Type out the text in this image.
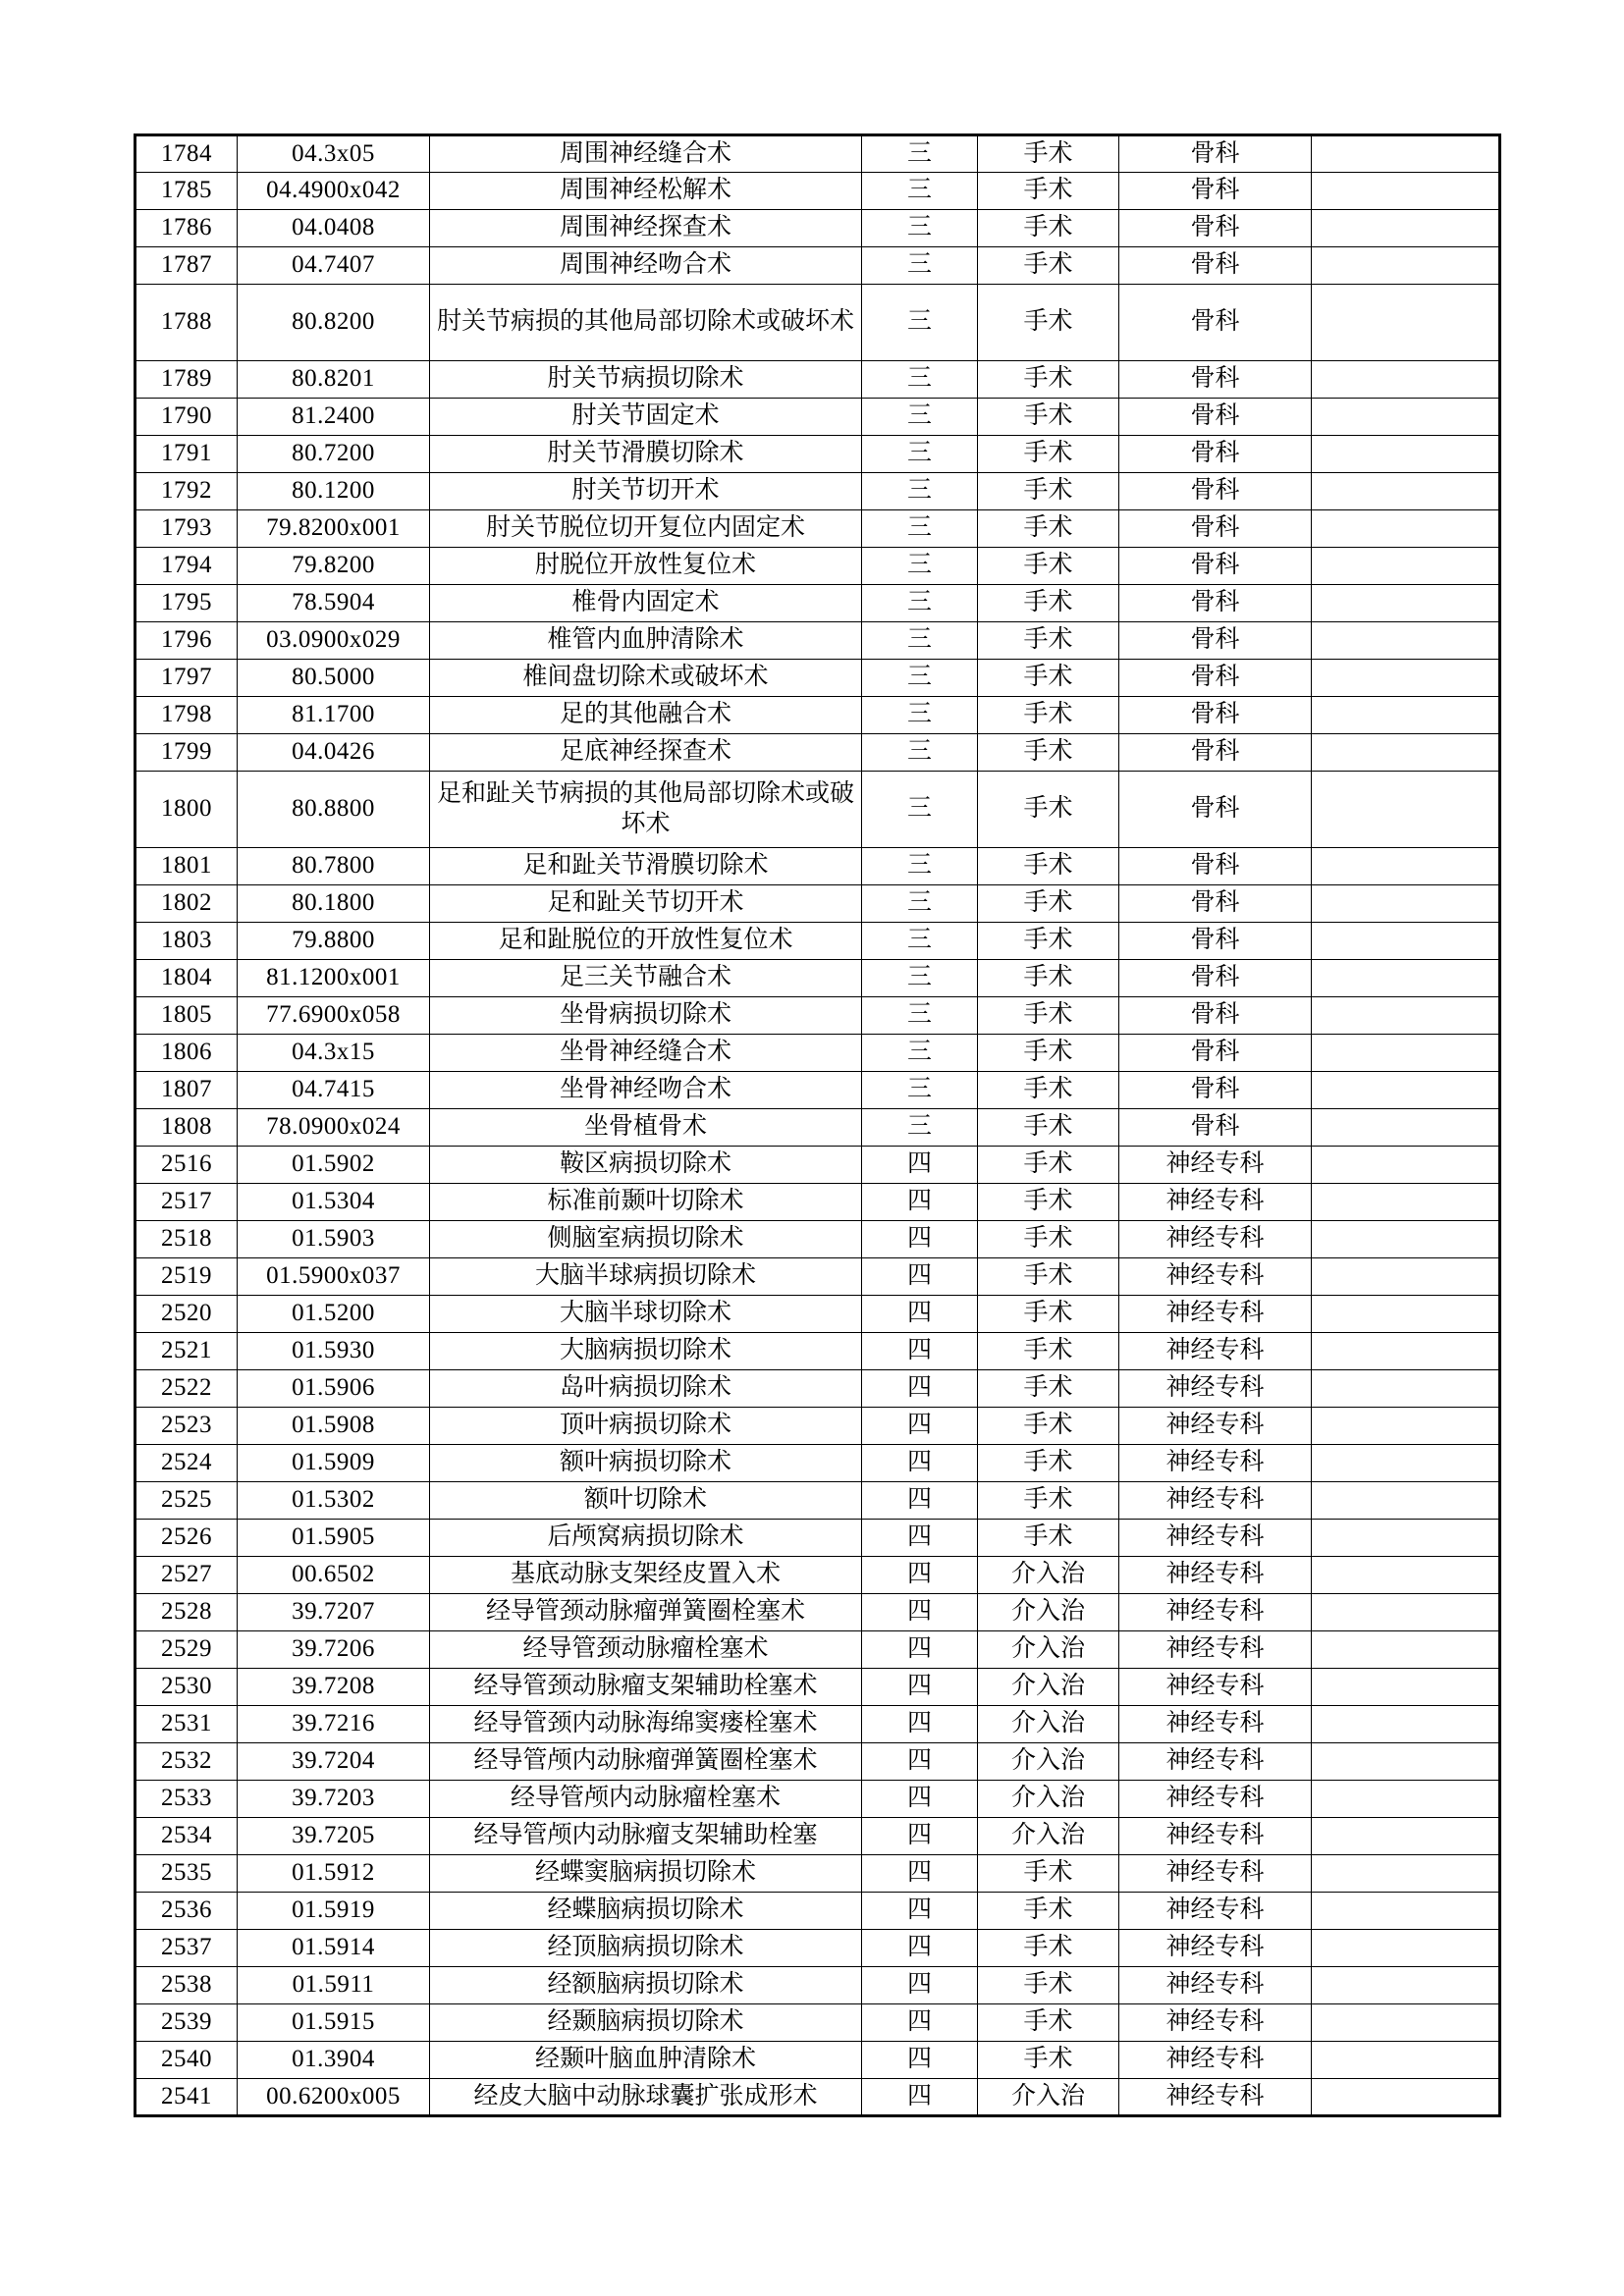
1784	04.3x05	周围神经缝合术	三	手术	骨科	
1785	04.4900x042	周围神经松解术	三	手术	骨科	
1786	04.0408	周围神经探查术	三	手术	骨科	
1787	04.7407	周围神经吻合术	三	手术	骨科	
1788	80.8200	肘关节病损的其他局部切除术或破坏术	三	手术	骨科	
1789	80.8201	肘关节病损切除术	三	手术	骨科	
1790	81.2400	肘关节固定术	三	手术	骨科	
1791	80.7200	肘关节滑膜切除术	三	手术	骨科	
1792	80.1200	肘关节切开术	三	手术	骨科	
1793	79.8200x001	肘关节脱位切开复位内固定术	三	手术	骨科	
1794	79.8200	肘脱位开放性复位术	三	手术	骨科	
1795	78.5904	椎骨内固定术	三	手术	骨科	
1796	03.0900x029	椎管内血肿清除术	三	手术	骨科	
1797	80.5000	椎间盘切除术或破坏术	三	手术	骨科	
1798	81.1700	足的其他融合术	三	手术	骨科	
1799	04.0426	足底神经探查术	三	手术	骨科	
1800	80.8800	足和趾关节病损的其他局部切除术或破坏术	三	手术	骨科	
1801	80.7800	足和趾关节滑膜切除术	三	手术	骨科	
1802	80.1800	足和趾关节切开术	三	手术	骨科	
1803	79.8800	足和趾脱位的开放性复位术	三	手术	骨科	
1804	81.1200x001	足三关节融合术	三	手术	骨科	
1805	77.6900x058	坐骨病损切除术	三	手术	骨科	
1806	04.3x15	坐骨神经缝合术	三	手术	骨科	
1807	04.7415	坐骨神经吻合术	三	手术	骨科	
1808	78.0900x024	坐骨植骨术	三	手术	骨科	
2516	01.5902	鞍区病损切除术	四	手术	神经专科	
2517	01.5304	标准前颞叶切除术	四	手术	神经专科	
2518	01.5903	侧脑室病损切除术	四	手术	神经专科	
2519	01.5900x037	大脑半球病损切除术	四	手术	神经专科	
2520	01.5200	大脑半球切除术	四	手术	神经专科	
2521	01.5930	大脑病损切除术	四	手术	神经专科	
2522	01.5906	岛叶病损切除术	四	手术	神经专科	
2523	01.5908	顶叶病损切除术	四	手术	神经专科	
2524	01.5909	额叶病损切除术	四	手术	神经专科	
2525	01.5302	额叶切除术	四	手术	神经专科	
2526	01.5905	后颅窝病损切除术	四	手术	神经专科	
2527	00.6502	基底动脉支架经皮置入术	四	介入治	神经专科	
2528	39.7207	经导管颈动脉瘤弹簧圈栓塞术	四	介入治	神经专科	
2529	39.7206	经导管颈动脉瘤栓塞术	四	介入治	神经专科	
2530	39.7208	经导管颈动脉瘤支架辅助栓塞术	四	介入治	神经专科	
2531	39.7216	经导管颈内动脉海绵窦瘘栓塞术	四	介入治	神经专科	
2532	39.7204	经导管颅内动脉瘤弹簧圈栓塞术	四	介入治	神经专科	
2533	39.7203	经导管颅内动脉瘤栓塞术	四	介入治	神经专科	
2534	39.7205	经导管颅内动脉瘤支架辅助栓塞	四	介入治	神经专科	
2535	01.5912	经蝶窦脑病损切除术	四	手术	神经专科	
2536	01.5919	经蝶脑病损切除术	四	手术	神经专科	
2537	01.5914	经顶脑病损切除术	四	手术	神经专科	
2538	01.5911	经额脑病损切除术	四	手术	神经专科	
2539	01.5915	经颞脑病损切除术	四	手术	神经专科	
2540	01.3904	经颞叶脑血肿清除术	四	手术	神经专科	
2541	00.6200x005	经皮大脑中动脉球囊扩张成形术	四	介入治	神经专科	
